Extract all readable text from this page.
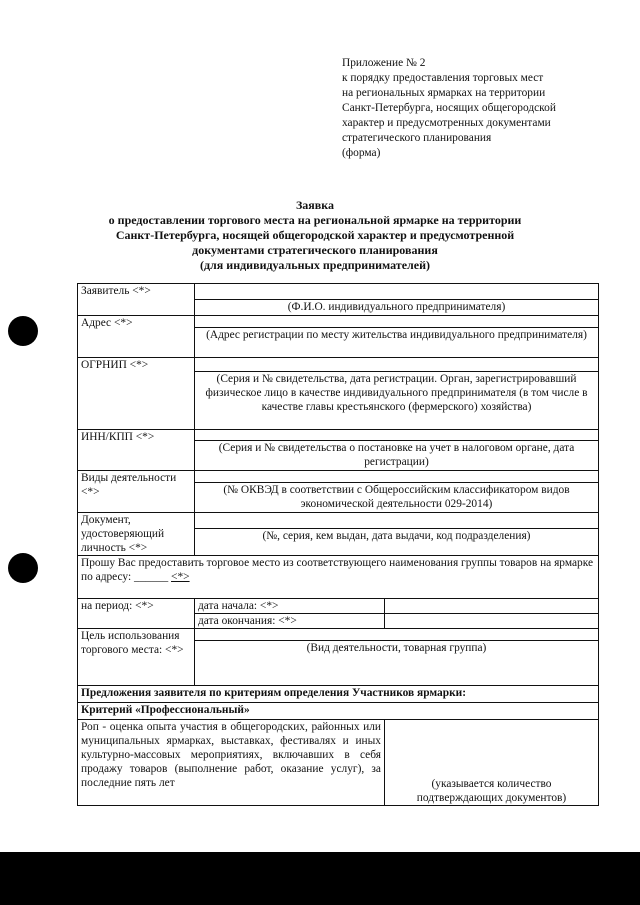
Приложение № 2
к порядку предоставления торговых мест
на региональных ярмарках на территории
Санкт-Петербурга, носящих общегородской
характер и предусмотренных документами
стратегического планирования
(форма)
Заявка
о предоставлении торгового места на региональной ярмарке на территории
Санкт-Петербурга, носящей общегородской характер и предусмотренной
документами стратегического планирования
(для индивидуальных предпринимателей)
Заявитель <*>		
	(Ф.И.О. индивидуального предпринимателя)	
Адрес <*>		
	(Адрес регистрации по месту жительства индивидуального предпринимателя)	
ОГРНИП <*>		
	(Серия и № свидетельства, дата регистрации. Орган, зарегистрировавший физическое лицо в качестве индивидуального предпринимателя (в том числе в качестве главы крестьянского (фермерского) хозяйства)	
ИНН/КПП <*>		
	(Серия и № свидетельства о постановке на учет в налоговом органе, дата регистрации)	
Виды деятельности <*>		
	(№ ОКВЭД в соответствии с Общероссийским классификатором видов экономической деятельности 029-2014)	
Документ, удостоверяющий личность <*>		
	(№, серия, кем выдан, дата выдачи, код подразделения)	
Прошу Вас предоставить торговое место из соответствующего наименования группы товаров на ярмарке по адресу: ______ <*>		
на период: <*>	дата начала: <*>	
	дата окончания: <*>	
Цель использования торгового места: <*>		
	(Вид деятельности, товарная группа)	
Предложения заявителя по критериям определения Участников ярмарки:		
Критерий «Профессиональный»		
Роп - оценка опыта участия в общегородских, районных или муниципальных ярмарках, выставках, фестивалях и иных культурно-массовых мероприятиях, включавших в себя продажу товаров (выполнение работ, оказание услуг), за последние пять лет		(указывается количество подтверждающих документов)
